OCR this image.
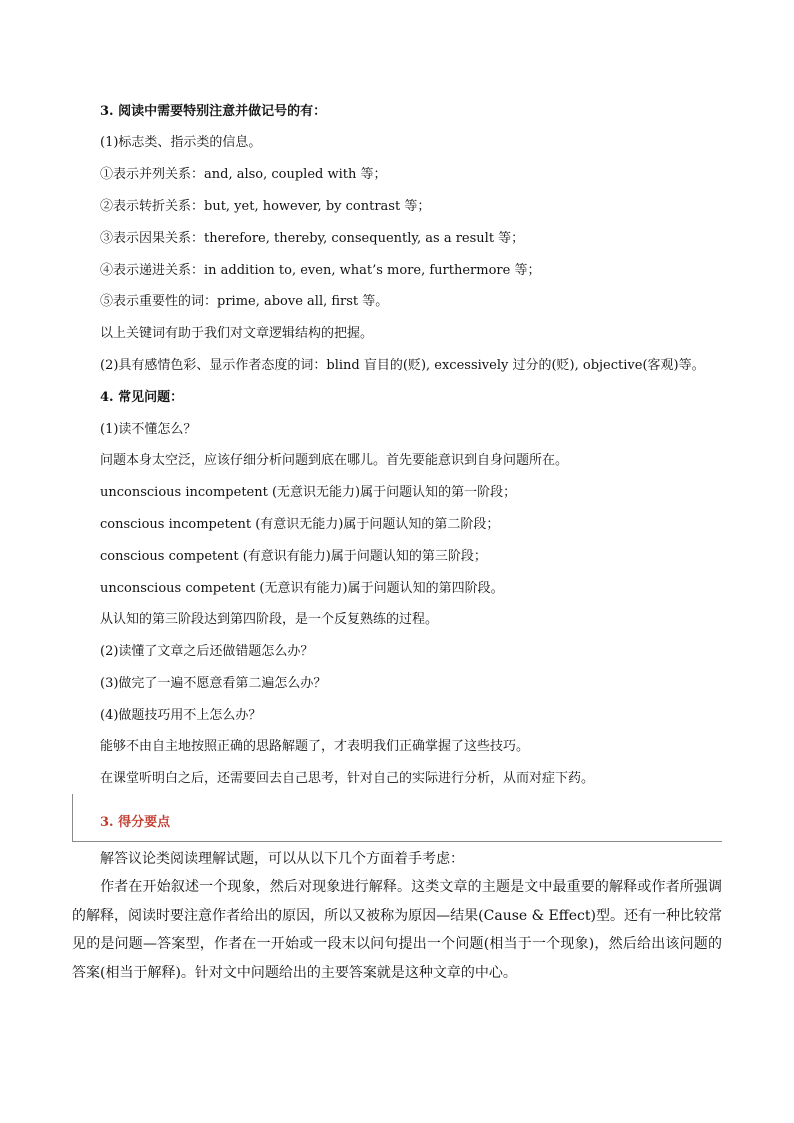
3. 阅读中需要特别注意并做记号的有：
(1)标志类、指示类的信息。
①表示并列关系：and, also, coupled with 等；
②表示转折关系：but, yet, however, by contrast 等；
③表示因果关系：therefore, thereby, consequently, as a result 等；
④表示递进关系：in addition to, even, what’s more, furthermore 等；
⑤表示重要性的词：prime, above all, first 等。
以上关键词有助于我们对文章逻辑结构的把握。
(2)具有感情色彩、显示作者态度的词：blind 盲目的(贬), excessively 过分的(贬), objective(客观)等。
4. 常见问题：
(1)读不懂怎么？
问题本身太空泛，应该仔细分析问题到底在哪儿。首先要能意识到自身问题所在。
unconscious incompetent (无意识无能力)属于问题认知的第一阶段；
conscious incompetent (有意识无能力)属于问题认知的第二阶段；
conscious competent (有意识有能力)属于问题认知的第三阶段；
unconscious competent (无意识有能力)属于问题认知的第四阶段。
从认知的第三阶段达到第四阶段，是一个反复熟练的过程。
(2)读懂了文章之后还做错题怎么办？
(3)做完了一遍不愿意看第二遍怎么办？
(4)做题技巧用不上怎么办？
能够不由自主地按照正确的思路解题了，才表明我们正确掌握了这些技巧。
在课堂听明白之后，还需要回去自己思考，针对自己的实际进行分析，从而对症下药。
3. 得分要点
解答议论类阅读理解试题，可以从以下几个方面着手考虑：
作者在开始叙述一个现象，然后对现象进行解释。这类文章的主题是文中最重要的解释或作者所强调的解释，阅读时要注意作者给出的原因，所以又被称为原因—结果(Cause & Effect)型。还有一种比较常见的是问题—答案型，作者在一开始或一段末以问句提出一个问题(相当于一个现象)，然后给出该问题的答案(相当于解释)。针对文中问题给出的主要答案就是这种文章的中心。
